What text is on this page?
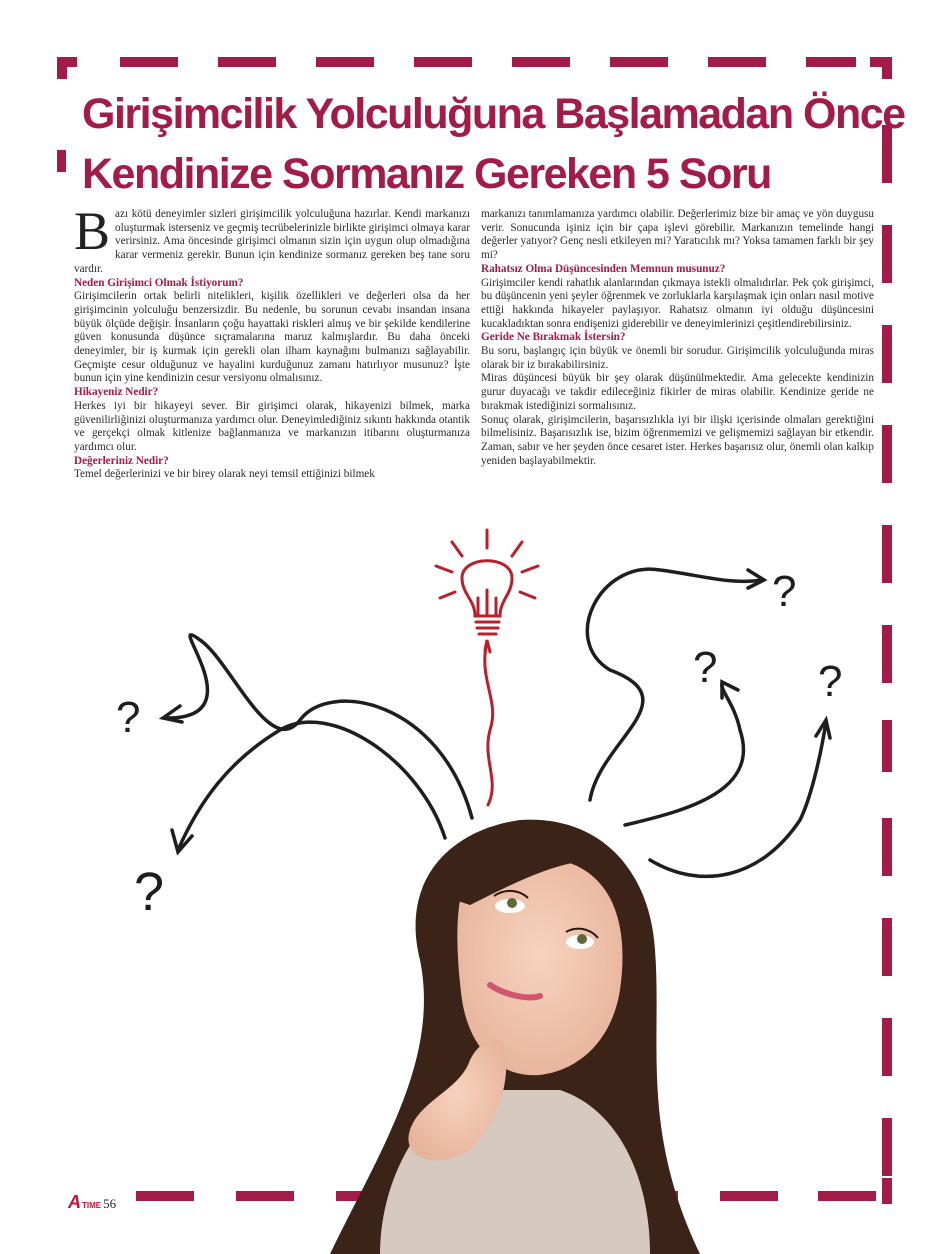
Girişimcilik Yolculuğuna Başlamadan Önce
Kendinize Sormanız Gereken 5 Soru

Bazı kötü deneyimler sizleri girişimcilik yolculuğuna hazırlar. Kendi markanızı oluşturmak isterseniz ve geçmiş tecrübelerinizle birlikte girişimci olmaya karar verirsiniz. Ama öncesinde girişimci olmanın sizin için uygun olup olmadığına karar vermeniz gerekir. Bunun için kendinize sormanız gereken beş tane soru vardır.

Neden Girişimci Olmak İstiyorum?

Girişimcilerin ortak belirli nitelikleri, kişilik özellikleri ve değerleri olsa da her girişimcinin yolculuğu benzersizdir. Bu nedenle, bu sorunun cevabı insandan insana büyük ölçüde değişir. İnsanların çoğu hayattaki riskleri almış ve bir şekilde kendilerine güven konusunda düşünce sıçramalarına maruz kalmışlardır. Bu daha önceki deneyimler, bir iş kurmak için gerekli olan ilham kaynağını bulmanızı sağlayabilir. Geçmişte cesur olduğunuz ve hayalini kurduğunuz zamanı hatırlıyor musunuz? İşte bunun için yine kendinizin cesur versiyonu olmalısınız.

Hikayeniz Nedir?

Herkes iyi bir hikayeyi sever. Bir girişimci olarak, hikayenizi bilmek, marka güvenilirliğinizi oluşturmanıza yardımcı olur. Deneyimlediğiniz sıkıntı hakkında otantik ve gerçekçi olmak kitlenize bağlanmanıza ve markanızın itibarını oluşturmanıza yardımcı olur.

Değerleriniz Nedir?

Temel değerlerinizi ve bir birey olarak neyi temsil ettiğinizi bilmek

markanızı tanımlamanıza yardımcı olabilir. Değerlerimiz bize bir amaç ve yön duygusu verir. Sonucunda işiniz için bir çapa işlevi görebilir. Markanızın temelinde hangi değerler yatıyor? Genç nesli etkileyen mi? Yaratıcılık mı? Yoksa tamamen farklı bir şey mi?

Rahatsız Olma Düşüncesinden Memnun musunuz?

Girişimciler kendi rahatlık alanlarından çıkmaya istekli olmalıdırlar. Pek çok girişimci, bu düşüncenin yeni şeyler öğrenmek ve zorluklarla karşılaşmak için onları nasıl motive ettiği hakkında hikayeler paylaşıyor. Rahatsız olmanın iyi olduğu düşüncesini kucakladıktan sonra endişenizi giderebilir ve deneyimlerinizi çeşitlendirebilirsiniz.

Geride Ne Bırakmak İstersin?

Bu soru, başlangıç için büyük ve önemli bir sorudur. Girişimcilik yolculuğunda miras olarak bir iz bırakabilirsiniz.

Miras düşüncesi büyük bir şey olarak düşünülmektedir. Ama gelecekte kendinizin gurur duyacağı ve takdir edileceğiniz fikirler de miras olabilir. Kendinize geride ne bırakmak istediğinizi sormalısınız.

Sonuç olarak, girişimcilerin, başarısızlıkla iyi bir ilişki içerisinde olmaları gerektiğini bilmelisiniz. Başarısızlık ise, bizim öğrenmemizi ve gelişmemizi sağlayan bir etkendir. Zaman, sabır ve her şeyden önce cesaret ister. Herkes başarısız olur, önemli olan kalkıp yeniden başlayabilmektir.

?
?
?
? ?
A TIME 56
